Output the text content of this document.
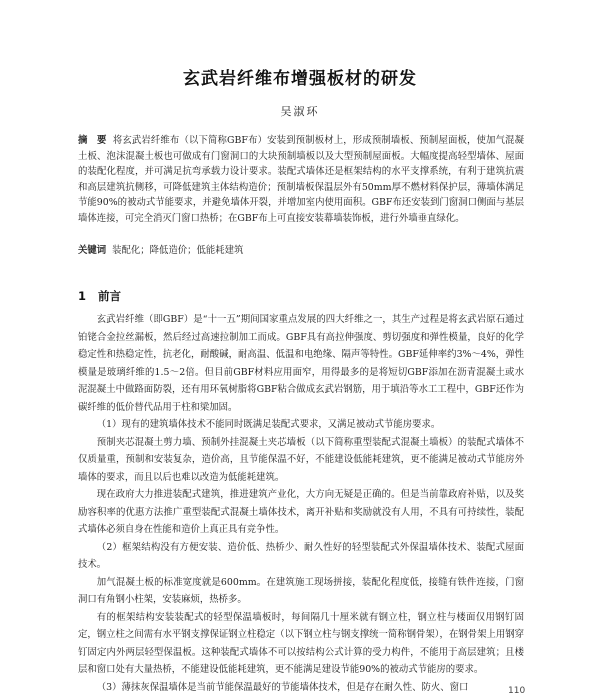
玄武岩纤维布增强板材的研发
吴淑环
摘　要 将玄武岩纤维布（以下简称GBF布）安装到预制板材上，形成预制墙板、预制屋面板，使加气混凝土板、泡沫混凝土板也可做成有门窗洞口的大块预制墙板以及大型预制屋面板。大幅度提高轻型墙体、屋面的装配化程度，并可满足抗弯承载力设计要求。装配式墙体还是框架结构的水平支撑系统，有利于建筑抗震和高层建筑抗侧移，可降低建筑主体结构造价；预制墙板保温层外有50mm厚不燃材料保护层，薄墙体满足节能90%的被动式节能要求，并避免墙体开裂，并增加室内使用面积。GBF布还安装到门窗洞口侧面与基层墙体连接，可完全消灭门窗口热桥；在GBF布上可直接安装幕墙装饰板，进行外墙垂直绿化。
关键词 装配化；降低造价；低能耗建筑
1 前言

玄武岩纤维（即GBF）是“十一五”期间国家重点发展的四大纤维之一，其生产过程是将玄武岩原石通过铂铑合金拉丝漏板，然后经过高速拉制加工而成。GBF具有高拉伸强度、剪切强度和弹性模量，良好的化学稳定性和热稳定性，抗老化，耐酸碱，耐高温、低温和电绝缘、隔声等特性。GBF延伸率约3%～4%，弹性模量是玻璃纤维的1.5～2倍。但目前GBF材料应用面窄，用得最多的是将短切GBF添加在沥青混凝土或水泥混凝土中做路面防裂，还有用环氧树脂将GBF粘合做成玄武岩钢筋，用于填沿等水工工程中，GBF还作为碳纤维的低价替代品用于柱和梁加固。

（1）现有的建筑墙体技术不能同时既满足装配式要求，又满足被动式节能房要求。

预制夹芯混凝土剪力墙、预制外挂混凝土夹芯墙板（以下简称重型装配式混凝土墙板）的装配式墙体不仅质量重，预制和安装复杂，造价高，且节能保温不好，不能建设低能耗建筑，更不能满足被动式节能房外墙体的要求，而且以后也难以改造为低能耗建筑。

现在政府大力推进装配式建筑，推进建筑产业化，大方向无疑是正确的。但是当前靠政府补贴，以及奖励容积率的优惠方法推广重型装配式混凝土墙体技术，离开补贴和奖励就没有人用，不具有可持续性，装配式墙体必须自身在性能和造价上真正具有竞争性。

（2）框架结构没有方便安装、造价低、热桥少、耐久性好的轻型装配式外保温墙体技术、装配式屋面技术。

加气混凝土板的标准宽度就是600mm。在建筑施工现场拼接，装配化程度低，接缝有铁件连接，门窗洞口有角钢小柱架，安装麻烦，热桥多。

有的框架结构安装装配式的轻型保温墙板时，每间隔几十厘米就有钢立柱，钢立柱与楼面仅用钢钉固定，钢立柱之间需有水平钢支撑保证钢立柱稳定（以下钢立柱与钢支撑统一简称钢骨架），在钢骨架上用钢穿钉固定内外两层轻型保温板。这种装配式墙体不可以按结构公式计算的受力构件，不能用于高层建筑；且楼层和窗口处有大量热桥，不能建设低能耗建筑，更不能满足建设节能90%的被动式节能房的要求。

（3）薄抹灰保温墙体是当前节能保温最好的节能墙体技术，但是存在耐久性、防火、窗口	110
